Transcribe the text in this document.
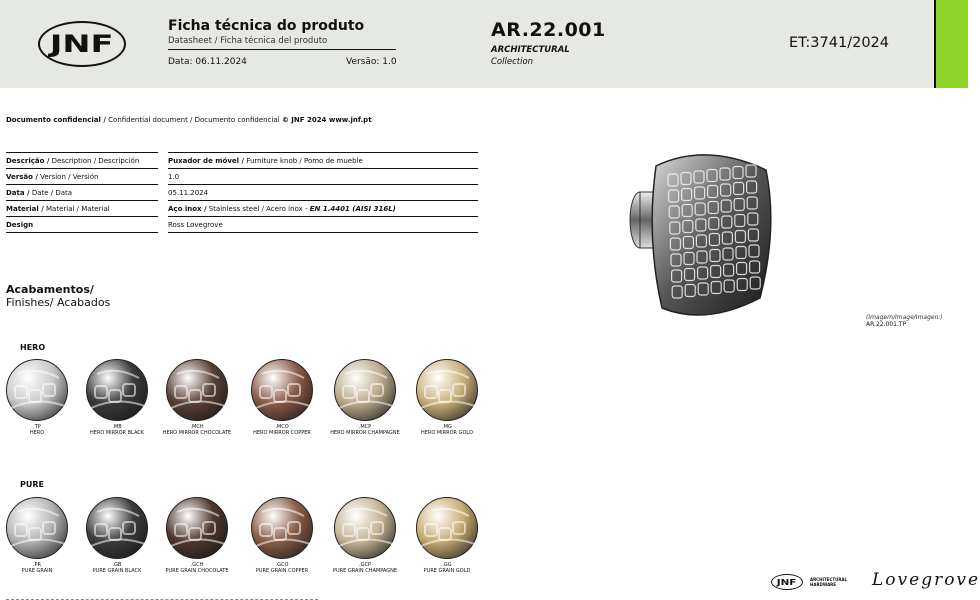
JNF
Ficha técnica do produto
Datasheet / Ficha técnica del produto
Data: 06.11.2024	Versão: 1.0
AR.22.001
ARCHITECTURAL
Collection
ET:3741/2024
Documento confidencial / Confidential document / Documento confidencial © JNF 2024 www.jnf.pt
Descrição / Description / Descripción		Puxador de móvel / Furniture knob / Pomo de mueble
Versão / Version / Versión		1.0
Data / Date / Data		05.11.2024
Material / Material / Material		Aço inox / Stainless steel / Acero inox - EN 1.4401 (AISI 316L)
Design		Ross Lovegrove
Acabamentos/
Finishes/ Acabados
HERO
.TP
HERO
.MB
HERO MIRROR BLACK
.MCH
HERO MIRROR CHOCOLATE
.MCO
HERO MIRROR COPPER
.MCP
HERO MIRROR CHAMPAGNE
.MG
HERO MIRROR GOLD
PURE
.PR
PURE GRAIN
.GB
PURE GRAIN BLACK
.GCH
PURE GRAIN CHOCOLATE
.GCO
PURE GRAIN COPPER
.GCP
PURE GRAIN CHAMPAGNE
.GG
PURE GRAIN GOLD
(Imagem/Image/Imagen:)
AR.22.001.TP
JNF	ARCHITECTURAL
HARDWARE	Lovegrove
